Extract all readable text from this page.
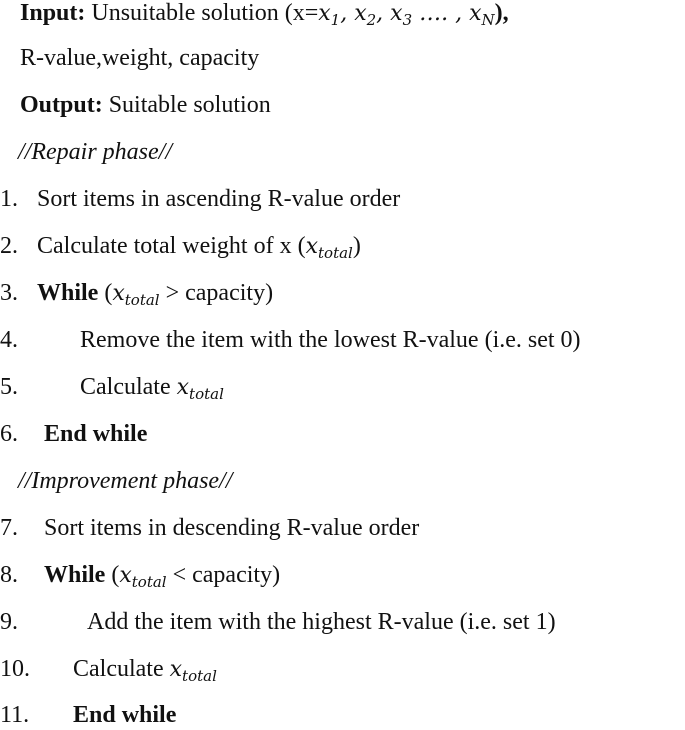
Input: Unsuitable solution ($x=x_1$, $x_2$, $x_3$ …. , $x_N$),
R-value,weight, capacity
Output: Suitable solution
//Repair phase//
1. Sort items in ascending R-value order
2. Calculate total weight of x $(x_{total})$
3. While ($x_{total}$ > capacity)
4.	Remove the item with the lowest R-value (i.e. set 0)
5.	Calculate $x_{total}$
6. End while
//Improvement phase//
7. Sort items in descending R-value order
8. While ($x_{total}$ < capacity)
9.	Add the item with the highest R-value (i.e. set 1)
10. Calculate $x_{total}$
11. End while
